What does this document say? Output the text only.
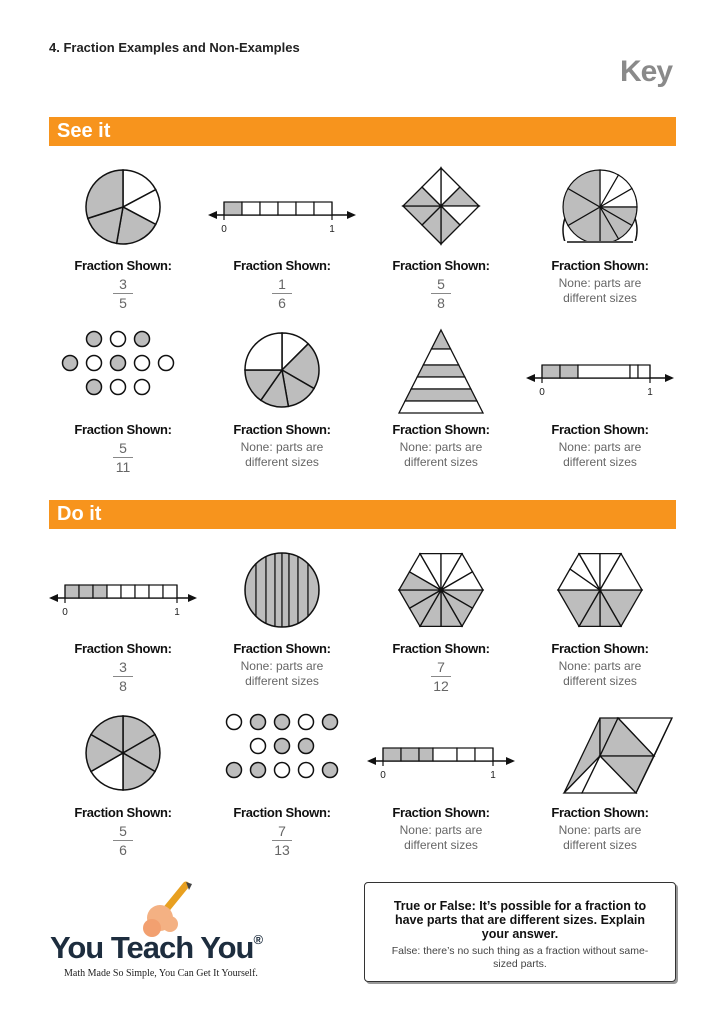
4. Fraction Examples and Non-Examples
Key
See it
Do it
Fraction Shown:
3
5
0	1
Fraction Shown:
1
6
Fraction Shown:
5
8
Fraction Shown:
None: parts are
different sizes
Fraction Shown:
5
11
Fraction Shown:
None: parts are
different sizes
Fraction Shown:
None: parts are
different sizes
0	1
Fraction Shown:
None: parts are
different sizes
0	1
Fraction Shown:
3
8
Fraction Shown:
None: parts are
different sizes
Fraction Shown:
7
12
Fraction Shown:
None: parts are
different sizes
Fraction Shown:
5
6
Fraction Shown:
7
13
0	1
Fraction Shown:
None: parts are
different sizes
Fraction Shown:
None: parts are
different sizes
You Teach You®
Math Made So Simple, You Can Get It Yourself.
True or False: It’s possible for a fraction to have parts that are different sizes. Explain your answer.
False: there’s no such thing as a fraction without same-sized parts.
